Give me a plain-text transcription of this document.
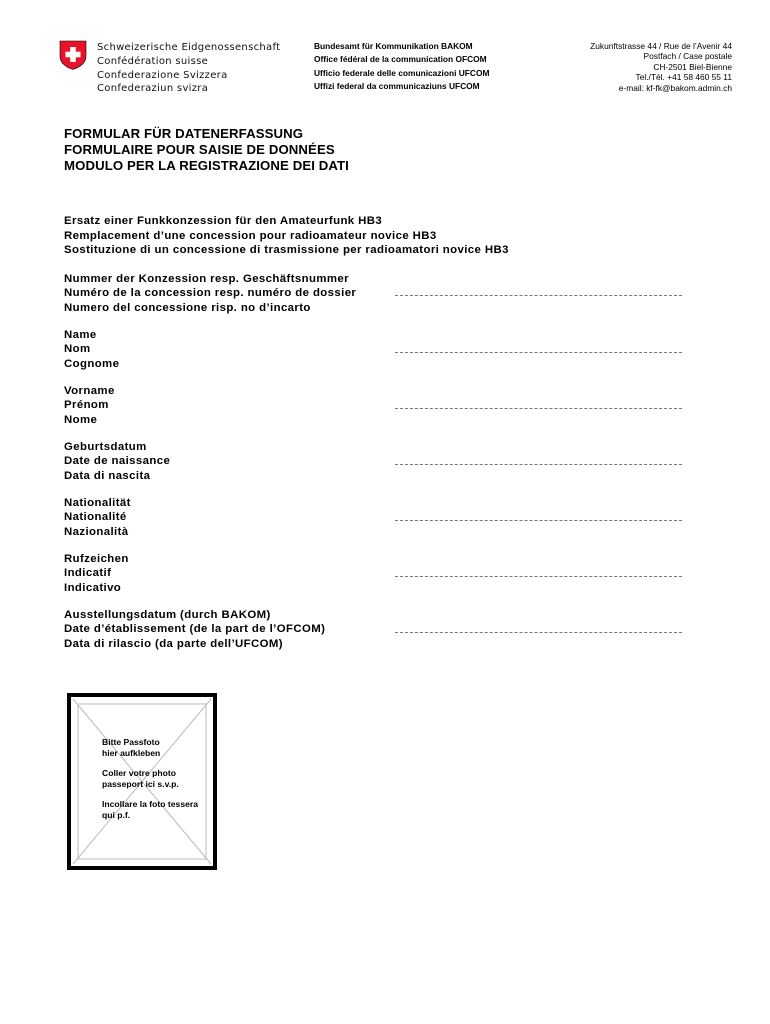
Schweizerische Eidgenossenschaft
Confédération suisse
Confederazione Svizzera
Confederaziun svizra
Bundesamt für Kommunikation BAKOM
Office fédéral de la communication OFCOM
Ufficio federale delle comunicazioni UFCOM
Uffizi federal da communicaziuns UFCOM
Zukunftstrasse 44 / Rue de l’Avenir 44
Postfach / Case postale
CH-2501 Biel-Bienne
Tel./Tél. +41 58 460 55 11
e-mail: kf-fk@bakom.admin.ch
FORMULAR FÜR DATENERFASSUNG
FORMULAIRE POUR SAISIE DE DONNÉES
MODULO PER LA REGISTRAZIONE DEI DATI
Ersatz einer Funkkonzession für den Amateurfunk HB3
Remplacement d’une concession pour radioamateur novice HB3
Sostituzione di un concessione di trasmissione per radioamatori novice HB3
Nummer der Konzession resp. Geschäftsnummer
Numéro de la concession resp. numéro de dossier
Numero del concessione risp. no d’incarto
Name
Nom
Cognome
Vorname
Prénom
Nome
Geburtsdatum
Date de naissance
Data di nascita
Nationalität
Nationalité
Nazionalità
Rufzeichen
Indicatif
Indicativo
Ausstellungsdatum (durch BAKOM)
Date d’établissement (de la part de l’OFCOM)
Data di rilascio (da parte dell’UFCOM)
Bitte Passfoto
hier aufkleben
Coller votre photo
passeport ici s.v.p.
Incollare la foto tessera
qui p.f.
